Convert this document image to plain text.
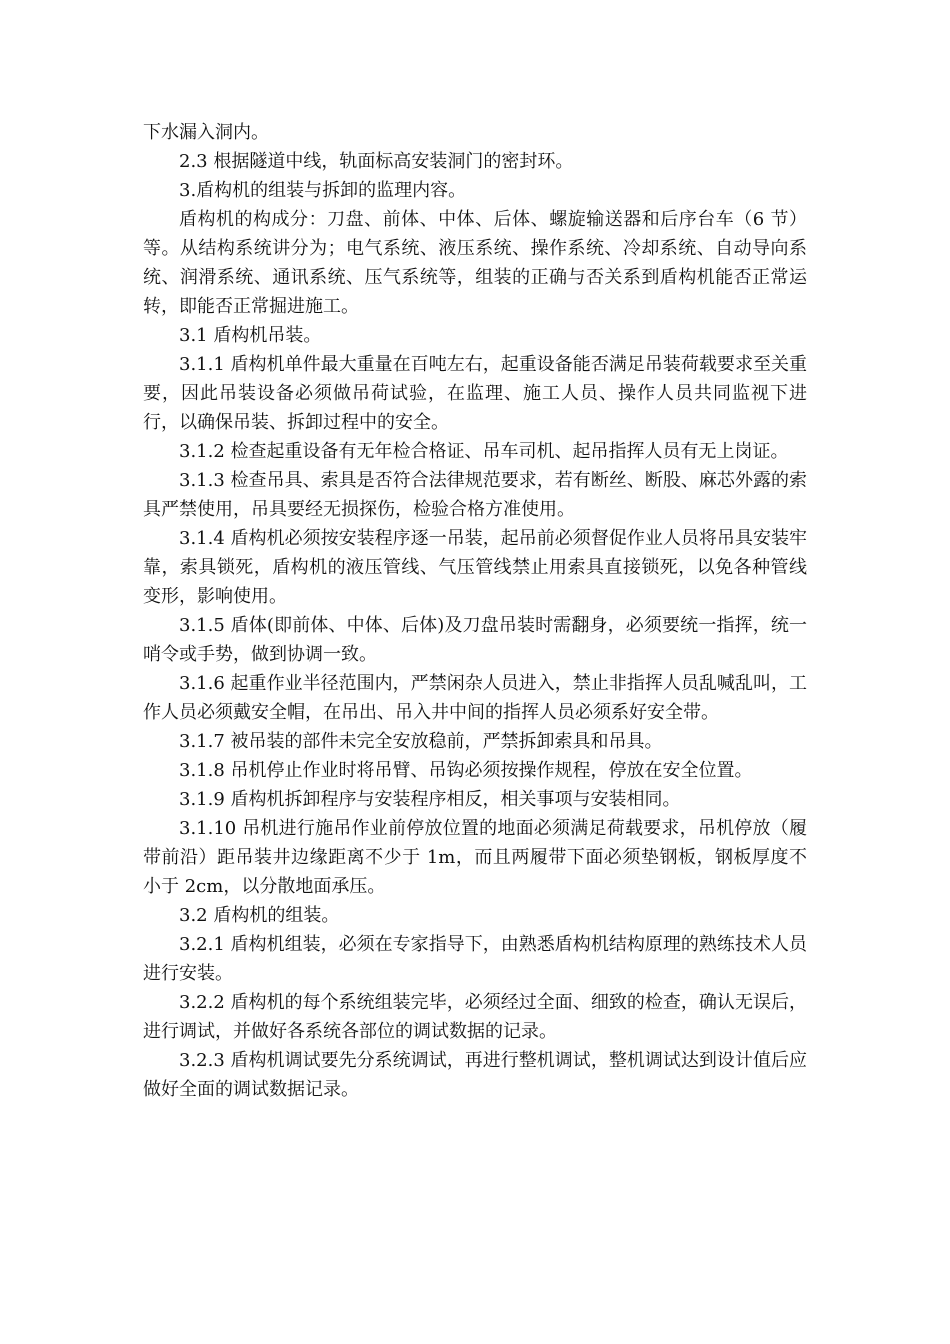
下水漏入洞内。

2.3 根据隧道中线，轨面标高安装洞门的密封环。

3.盾构机的组装与拆卸的监理内容。

盾构机的构成分：刀盘、前体、中体、后体、螺旋输送器和后序台车（6 节）等。从结构系统讲分为；电气系统、液压系统、操作系统、冷却系统、自动导向系统、润滑系统、通讯系统、压气系统等，组装的正确与否关系到盾构机能否正常运转，即能否正常掘进施工。

3.1 盾构机吊装。

3.1.1 盾构机单件最大重量在百吨左右，起重设备能否满足吊装荷载要求至关重要，因此吊装设备必须做吊荷试验，在监理、施工人员、操作人员共同监视下进行，以确保吊装、拆卸过程中的安全。

3.1.2 检查起重设备有无年检合格证、吊车司机、起吊指挥人员有无上岗证。

3.1.3 检查吊具、索具是否符合法律规范要求，若有断丝、断股、麻芯外露的索具严禁使用，吊具要经无损探伤，检验合格方准使用。

3.1.4 盾构机必须按安装程序逐一吊装，起吊前必须督促作业人员将吊具安装牢靠，索具锁死，盾构机的液压管线、气压管线禁止用索具直接锁死，以免各种管线变形，影响使用。

3.1.5 盾体(即前体、中体、后体)及刀盘吊装时需翻身，必须要统一指挥，统一哨令或手势，做到协调一致。

3.1.6 起重作业半径范围内，严禁闲杂人员进入，禁止非指挥人员乱喊乱叫，工作人员必须戴安全帽，在吊出、吊入井中间的指挥人员必须系好安全带。

3.1.7 被吊装的部件未完全安放稳前，严禁拆卸索具和吊具。

3.1.8 吊机停止作业时将吊臂、吊钩必须按操作规程，停放在安全位置。

3.1.9 盾构机拆卸程序与安装程序相反，相关事项与安装相同。

3.1.10 吊机进行施吊作业前停放位置的地面必须满足荷载要求，吊机停放（履带前沿）距吊装井边缘距离不少于 1m，而且两履带下面必须垫钢板，钢板厚度不小于 2cm，以分散地面承压。

3.2 盾构机的组装。

3.2.1 盾构机组装，必须在专家指导下，由熟悉盾构机结构原理的熟练技术人员进行安装。

3.2.2 盾构机的每个系统组装完毕，必须经过全面、细致的检查，确认无误后，进行调试，并做好各系统各部位的调试数据的记录。

3.2.3 盾构机调试要先分系统调试，再进行整机调试，整机调试达到设计值后应做好全面的调试数据记录。
